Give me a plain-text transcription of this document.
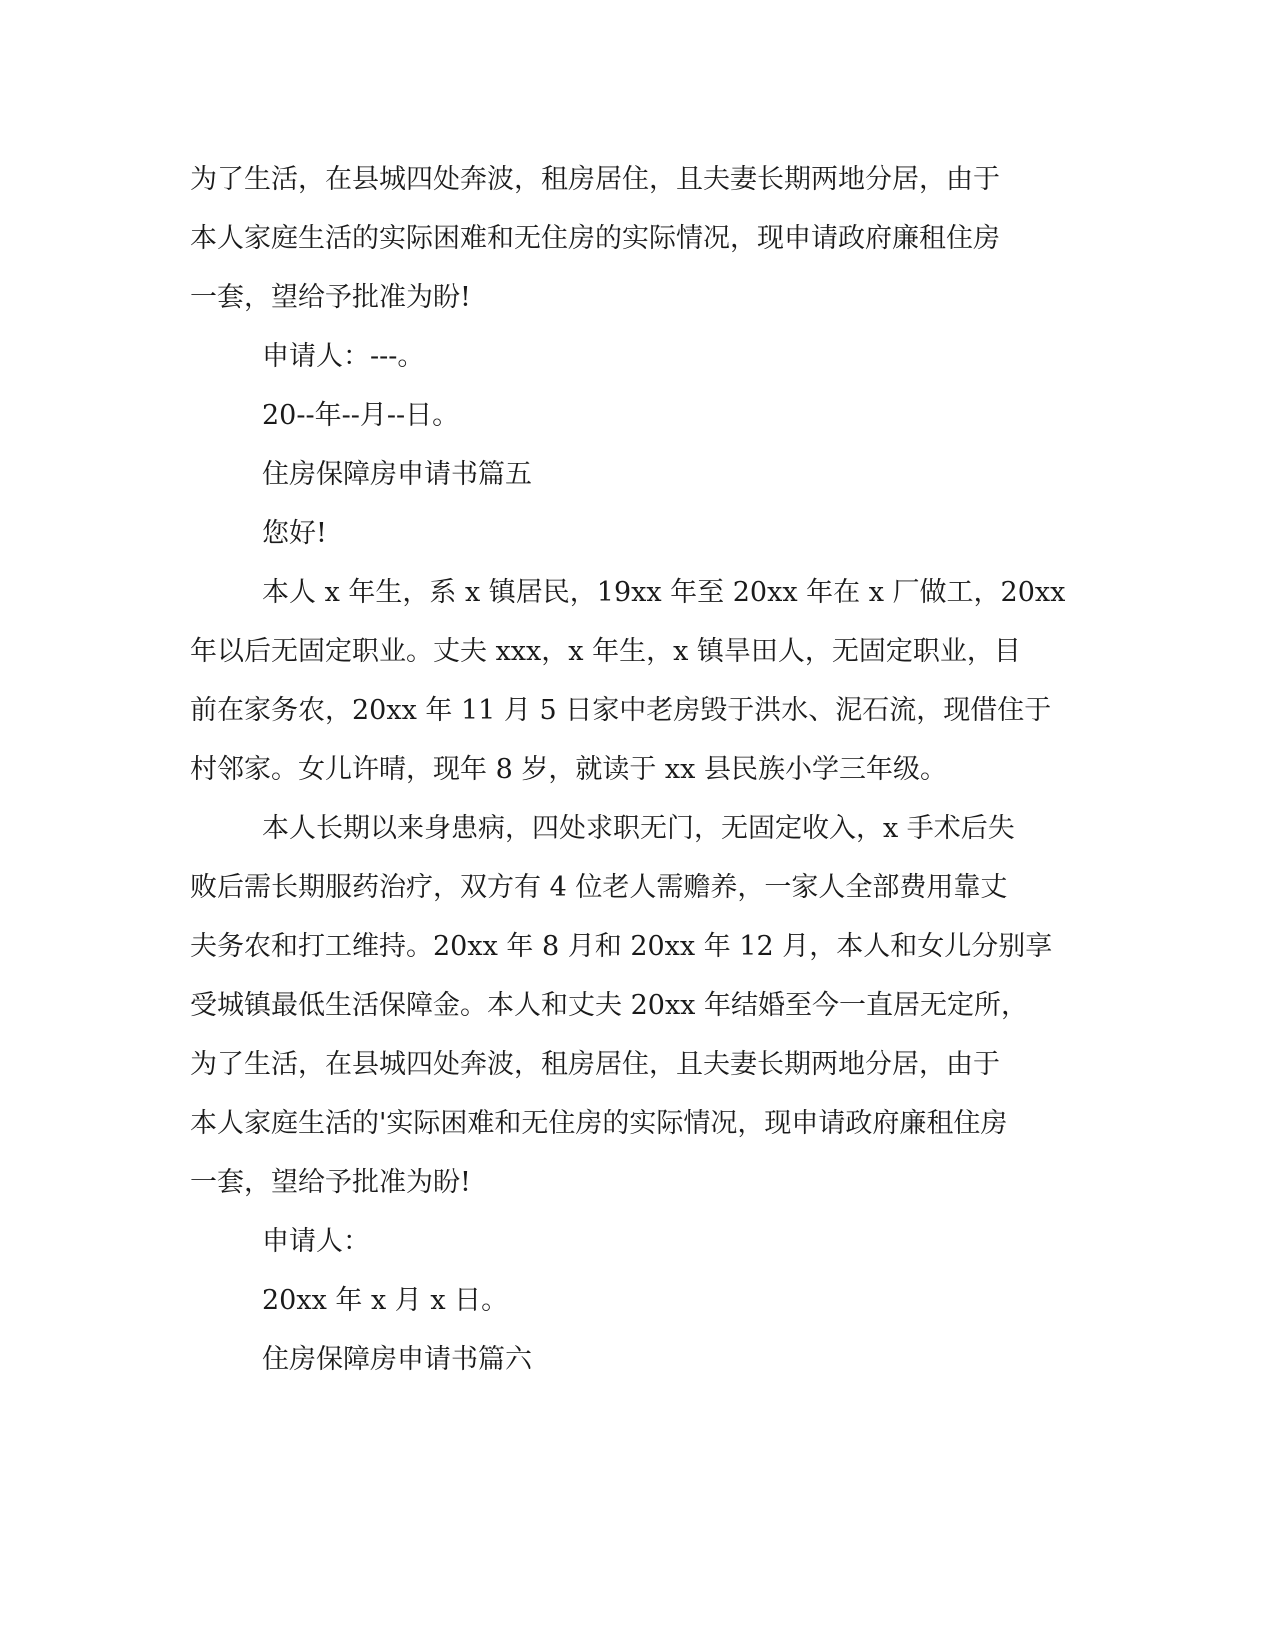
为了生活，在县城四处奔波，租房居住，且夫妻长期两地分居，由于
本人家庭生活的实际困难和无住房的实际情况，现申请政府廉租住房
一套，望给予批准为盼!
申请人：---。
20--年--月--日。
住房保障房申请书篇五
您好!
本人 x 年生，系 x 镇居民，19xx 年至 20xx 年在 x 厂做工，20xx
年以后无固定职业。丈夫 xxx，x 年生，x 镇旱田人，无固定职业，目
前在家务农，20xx 年 11 月 5 日家中老房毁于洪水、泥石流，现借住于
村邻家。女儿许晴，现年 8 岁，就读于 xx 县民族小学三年级。
本人长期以来身患病，四处求职无门，无固定收入，x 手术后失
败后需长期服药治疗，双方有 4 位老人需赡养，一家人全部费用靠丈
夫务农和打工维持。20xx 年 8 月和 20xx 年 12 月，本人和女儿分别享
受城镇最低生活保障金。本人和丈夫 20xx 年结婚至今一直居无定所，
为了生活，在县城四处奔波，租房居住，且夫妻长期两地分居，由于
本人家庭生活的'实际困难和无住房的实际情况，现申请政府廉租住房
一套，望给予批准为盼!
申请人：
20xx 年 x 月 x 日。
住房保障房申请书篇六
